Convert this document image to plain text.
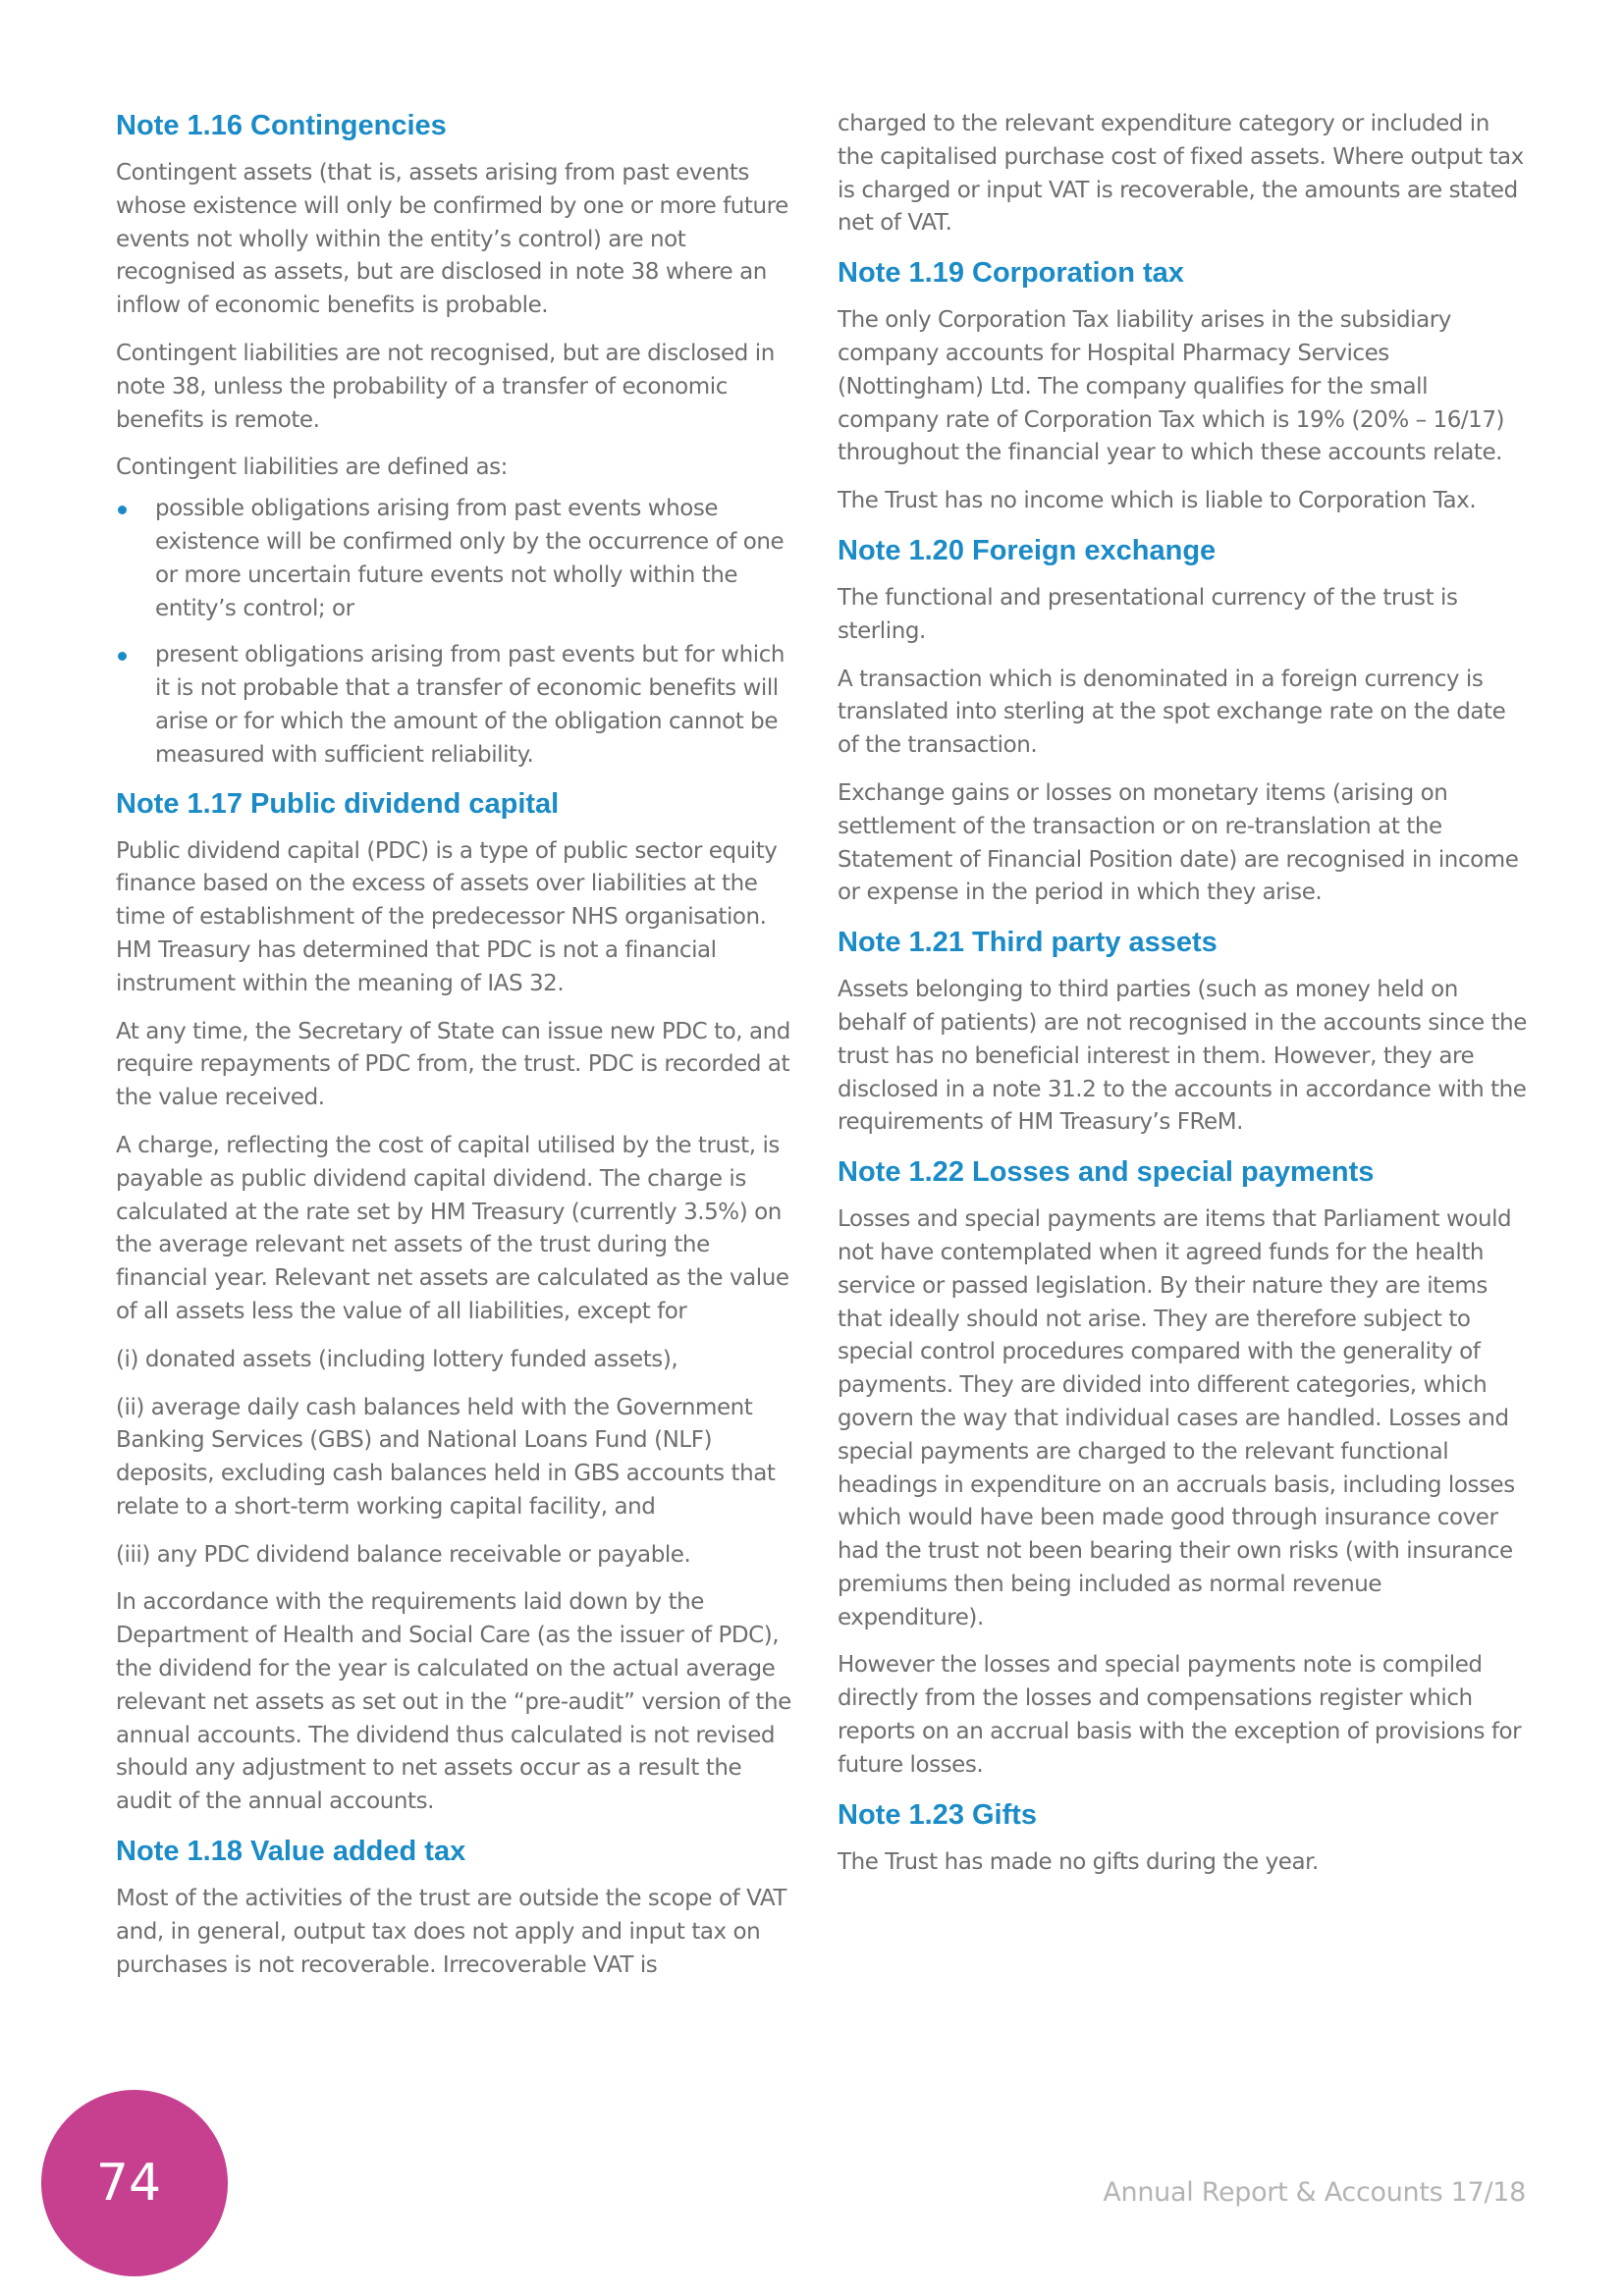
Note 1.16 Contingencies

Contingent assets (that is, assets arising from past events whose existence will only be confirmed by one or more future events not wholly within the entity’s control) are not recognised as assets, but are disclosed in note 38 where an inflow of economic benefits is probable.

Contingent liabilities are not recognised, but are disclosed in note 38, unless the probability of a transfer of economic benefits is remote.

Contingent liabilities are defined as:

possible obligations arising from past events whose existence will be confirmed only by the occurrence of one or more uncertain future events not wholly within the entity’s control; or
present obligations arising from past events but for which it is not probable that a transfer of economic benefits will arise or for which the amount of the obligation cannot be measured with sufficient reliability.
Note 1.17 Public dividend capital

Public dividend capital (PDC) is a type of public sector equity finance based on the excess of assets over liabilities at the time of establishment of the predecessor NHS organisation. HM Treasury has determined that PDC is not a financial instrument within the meaning of IAS 32.

At any time, the Secretary of State can issue new PDC to, and require repayments of PDC from, the trust. PDC is recorded at the value received.

A charge, reflecting the cost of capital utilised by the trust, is payable as public dividend capital dividend. The charge is calculated at the rate set by HM Treasury (currently 3.5%) on the average relevant net assets of the trust during the financial year. Relevant net assets are calculated as the value of all assets less the value of all liabilities, except for

(i) donated assets (including lottery funded assets),

(ii) average daily cash balances held with the Government Banking Services (GBS) and National Loans Fund (NLF) deposits, excluding cash balances held in GBS accounts that relate to a short-term working capital facility, and

(iii) any PDC dividend balance receivable or payable.

In accordance with the requirements laid down by the Department of Health and Social Care (as the issuer of PDC), the dividend for the year is calculated on the actual average relevant net assets as set out in the “pre-audit” version of the annual accounts. The dividend thus calculated is not revised should any adjustment to net assets occur as a result the audit of the annual accounts.

Note 1.18 Value added tax

Most of the activities of the trust are outside the scope of VAT and, in general, output tax does not apply and input tax on purchases is not recoverable. Irrecoverable VAT is

charged to the relevant expenditure category or included in the capitalised purchase cost of fixed assets. Where output tax is charged or input VAT is recoverable, the amounts are stated net of VAT.

Note 1.19 Corporation tax

The only Corporation Tax liability arises in the subsidiary company accounts for Hospital Pharmacy Services (Nottingham) Ltd. The company qualifies for the small company rate of Corporation Tax which is 19% (20% – 16/17) throughout the financial year to which these accounts relate.

The Trust has no income which is liable to Corporation Tax.

Note 1.20 Foreign exchange

The functional and presentational currency of the trust is sterling.

A transaction which is denominated in a foreign currency is translated into sterling at the spot exchange rate on the date of the transaction.

Exchange gains or losses on monetary items (arising on settlement of the transaction or on re-translation at the Statement of Financial Position date) are recognised in income or expense in the period in which they arise.

Note 1.21 Third party assets

Assets belonging to third parties (such as money held on behalf of patients) are not recognised in the accounts since the trust has no beneficial interest in them. However, they are disclosed in a note 31.2 to the accounts in accordance with the requirements of HM Treasury’s FReM.

Note 1.22 Losses and special payments

Losses and special payments are items that Parliament would not have contemplated when it agreed funds for the health service or passed legislation. By their nature they are items that ideally should not arise. They are therefore subject to special control procedures compared with the generality of payments. They are divided into different categories, which govern the way that individual cases are handled. Losses and special payments are charged to the relevant functional headings in expenditure on an accruals basis, including losses which would have been made good through insurance cover had the trust not been bearing their own risks (with insurance premiums then being included as normal revenue expenditure).

However the losses and special payments note is compiled directly from the losses and compensations register which reports on an accrual basis with the exception of provisions for future losses.

Note 1.23 Gifts

The Trust has made no gifts during the year.

74	Annual Report & Accounts 17/18
